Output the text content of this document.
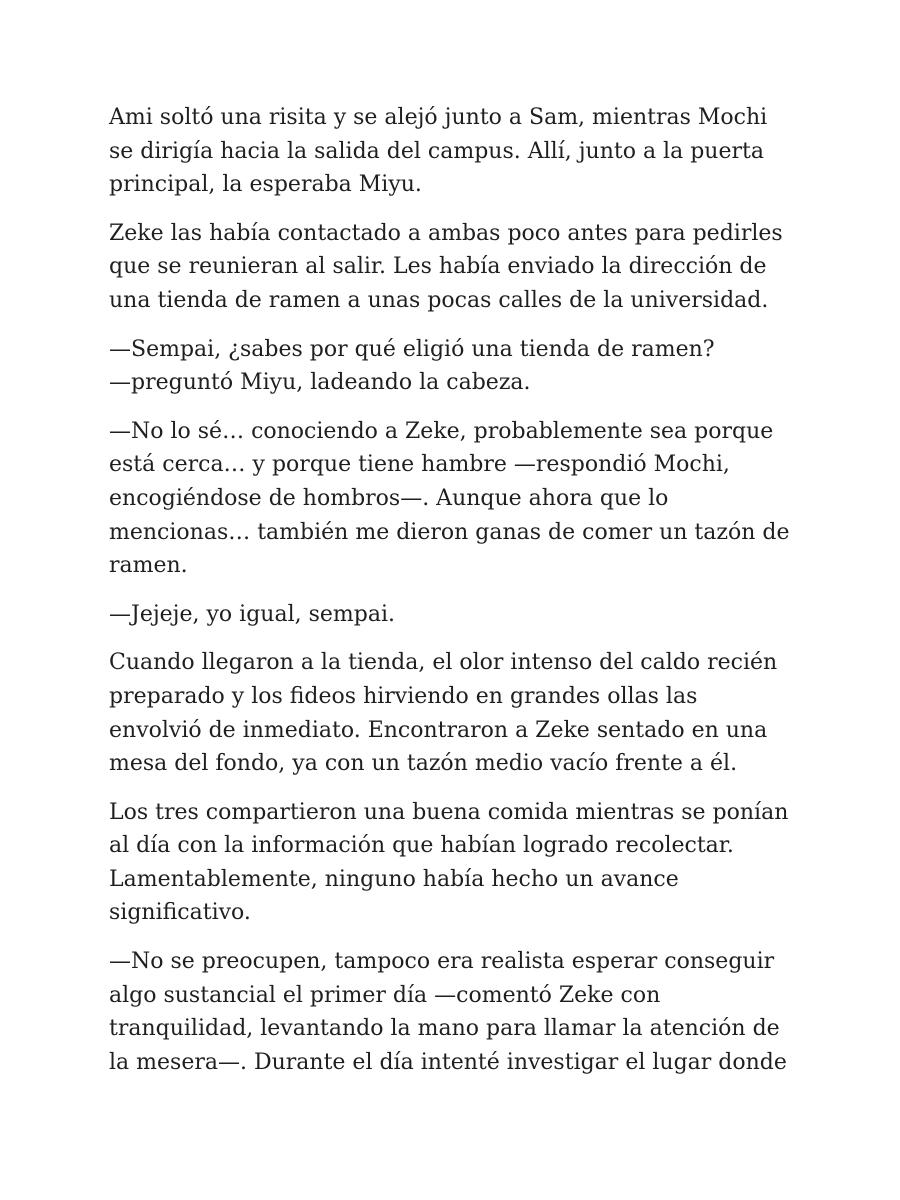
Ami soltó una risita y se alejó junto a Sam, mientras Mochi
se dirigía hacia la salida del campus. Allí, junto a la puerta
principal, la esperaba Miyu.

Zeke las había contactado a ambas poco antes para pedirles
que se reunieran al salir. Les había enviado la dirección de
una tienda de ramen a unas pocas calles de la universidad.

—Sempai, ¿sabes por qué eligió una tienda de ramen?
—preguntó Miyu, ladeando la cabeza.

—No lo sé… conociendo a Zeke, probablemente sea porque
está cerca… y porque tiene hambre —respondió Mochi,
encogiéndose de hombros—. Aunque ahora que lo
mencionas… también me dieron ganas de comer un tazón de
ramen.

—Jejeje, yo igual, sempai.

Cuando llegaron a la tienda, el olor intenso del caldo recién
preparado y los fideos hirviendo en grandes ollas las
envolvió de inmediato. Encontraron a Zeke sentado en una
mesa del fondo, ya con un tazón medio vacío frente a él.

Los tres compartieron una buena comida mientras se ponían
al día con la información que habían logrado recolectar.
Lamentablemente, ninguno había hecho un avance
significativo.

—No se preocupen, tampoco era realista esperar conseguir
algo sustancial el primer día —comentó Zeke con
tranquilidad, levantando la mano para llamar la atención de
la mesera—. Durante el día intenté investigar el lugar donde
